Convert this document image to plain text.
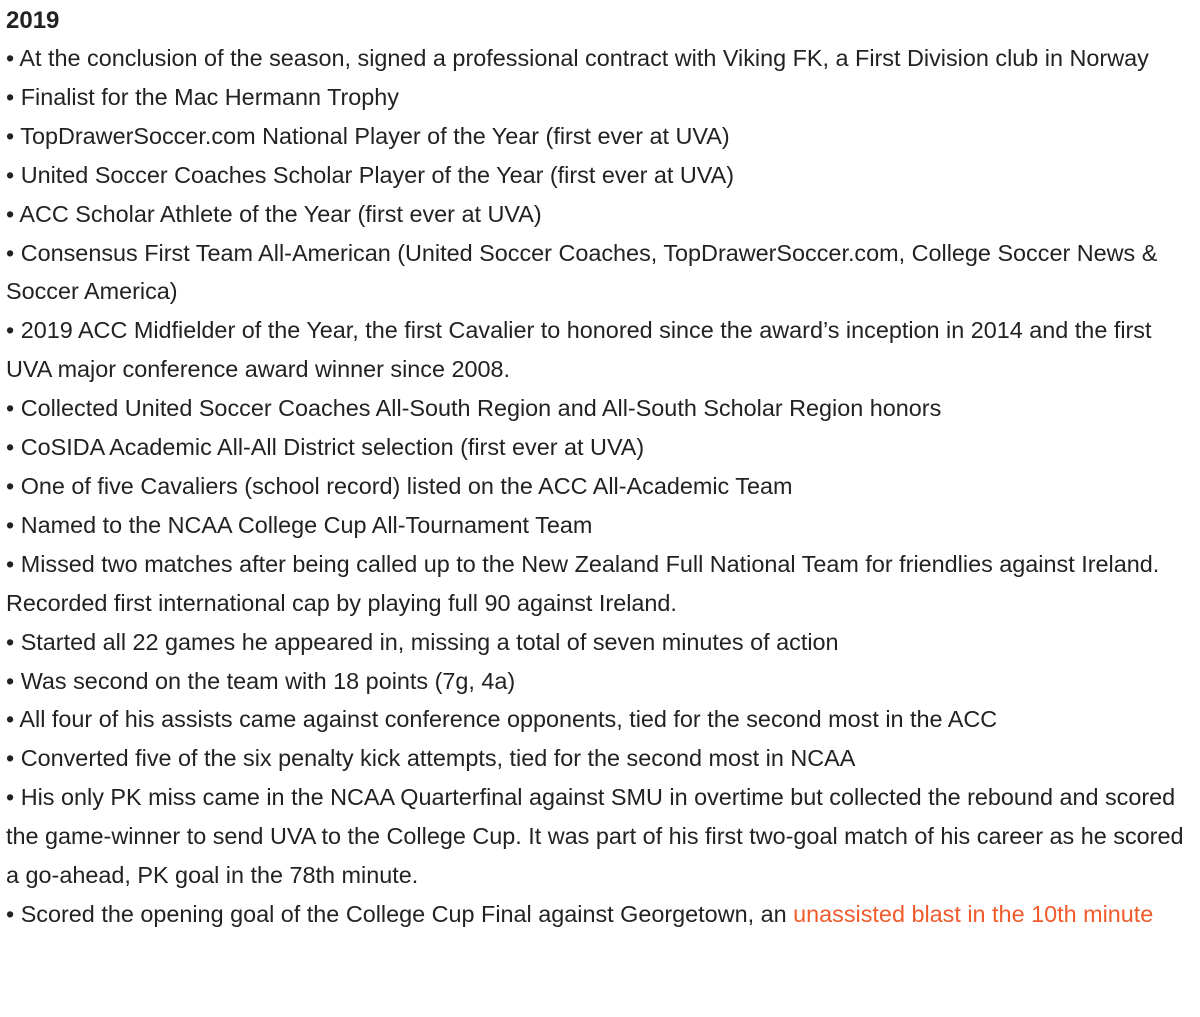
2019

• At the conclusion of the season, signed a professional contract with Viking FK, a First Division club in Norway

• Finalist for the Mac Hermann Trophy

• TopDrawerSoccer.com National Player of the Year (first ever at UVA)

• United Soccer Coaches Scholar Player of the Year (first ever at UVA)

• ACC Scholar Athlete of the Year (first ever at UVA)

• Consensus First Team All-American (United Soccer Coaches, TopDrawerSoccer.com, College Soccer News & Soccer America)

• 2019 ACC Midfielder of the Year, the first Cavalier to honored since the award’s inception in 2014 and the first UVA major conference award winner since 2008.

• Collected United Soccer Coaches All-South Region and All-South Scholar Region honors

• CoSIDA Academic All-All District selection (first ever at UVA)

• One of five Cavaliers (school record) listed on the ACC All-Academic Team

• Named to the NCAA College Cup All-Tournament Team

• Missed two matches after being called up to the New Zealand Full National Team for friendlies against Ireland. Recorded first international cap by playing full 90 against Ireland.

• Started all 22 games he appeared in, missing a total of seven minutes of action

• Was second on the team with 18 points (7g, 4a)

• All four of his assists came against conference opponents, tied for the second most in the ACC

• Converted five of the six penalty kick attempts, tied for the second most in NCAA

• His only PK miss came in the NCAA Quarterfinal against SMU in overtime but collected the rebound and scored the game-winner to send UVA to the College Cup. It was part of his first two-goal match of his career as he scored a go-ahead, PK goal in the 78th minute.

• Scored the opening goal of the College Cup Final against Georgetown, an unassisted blast in the 10th minute
